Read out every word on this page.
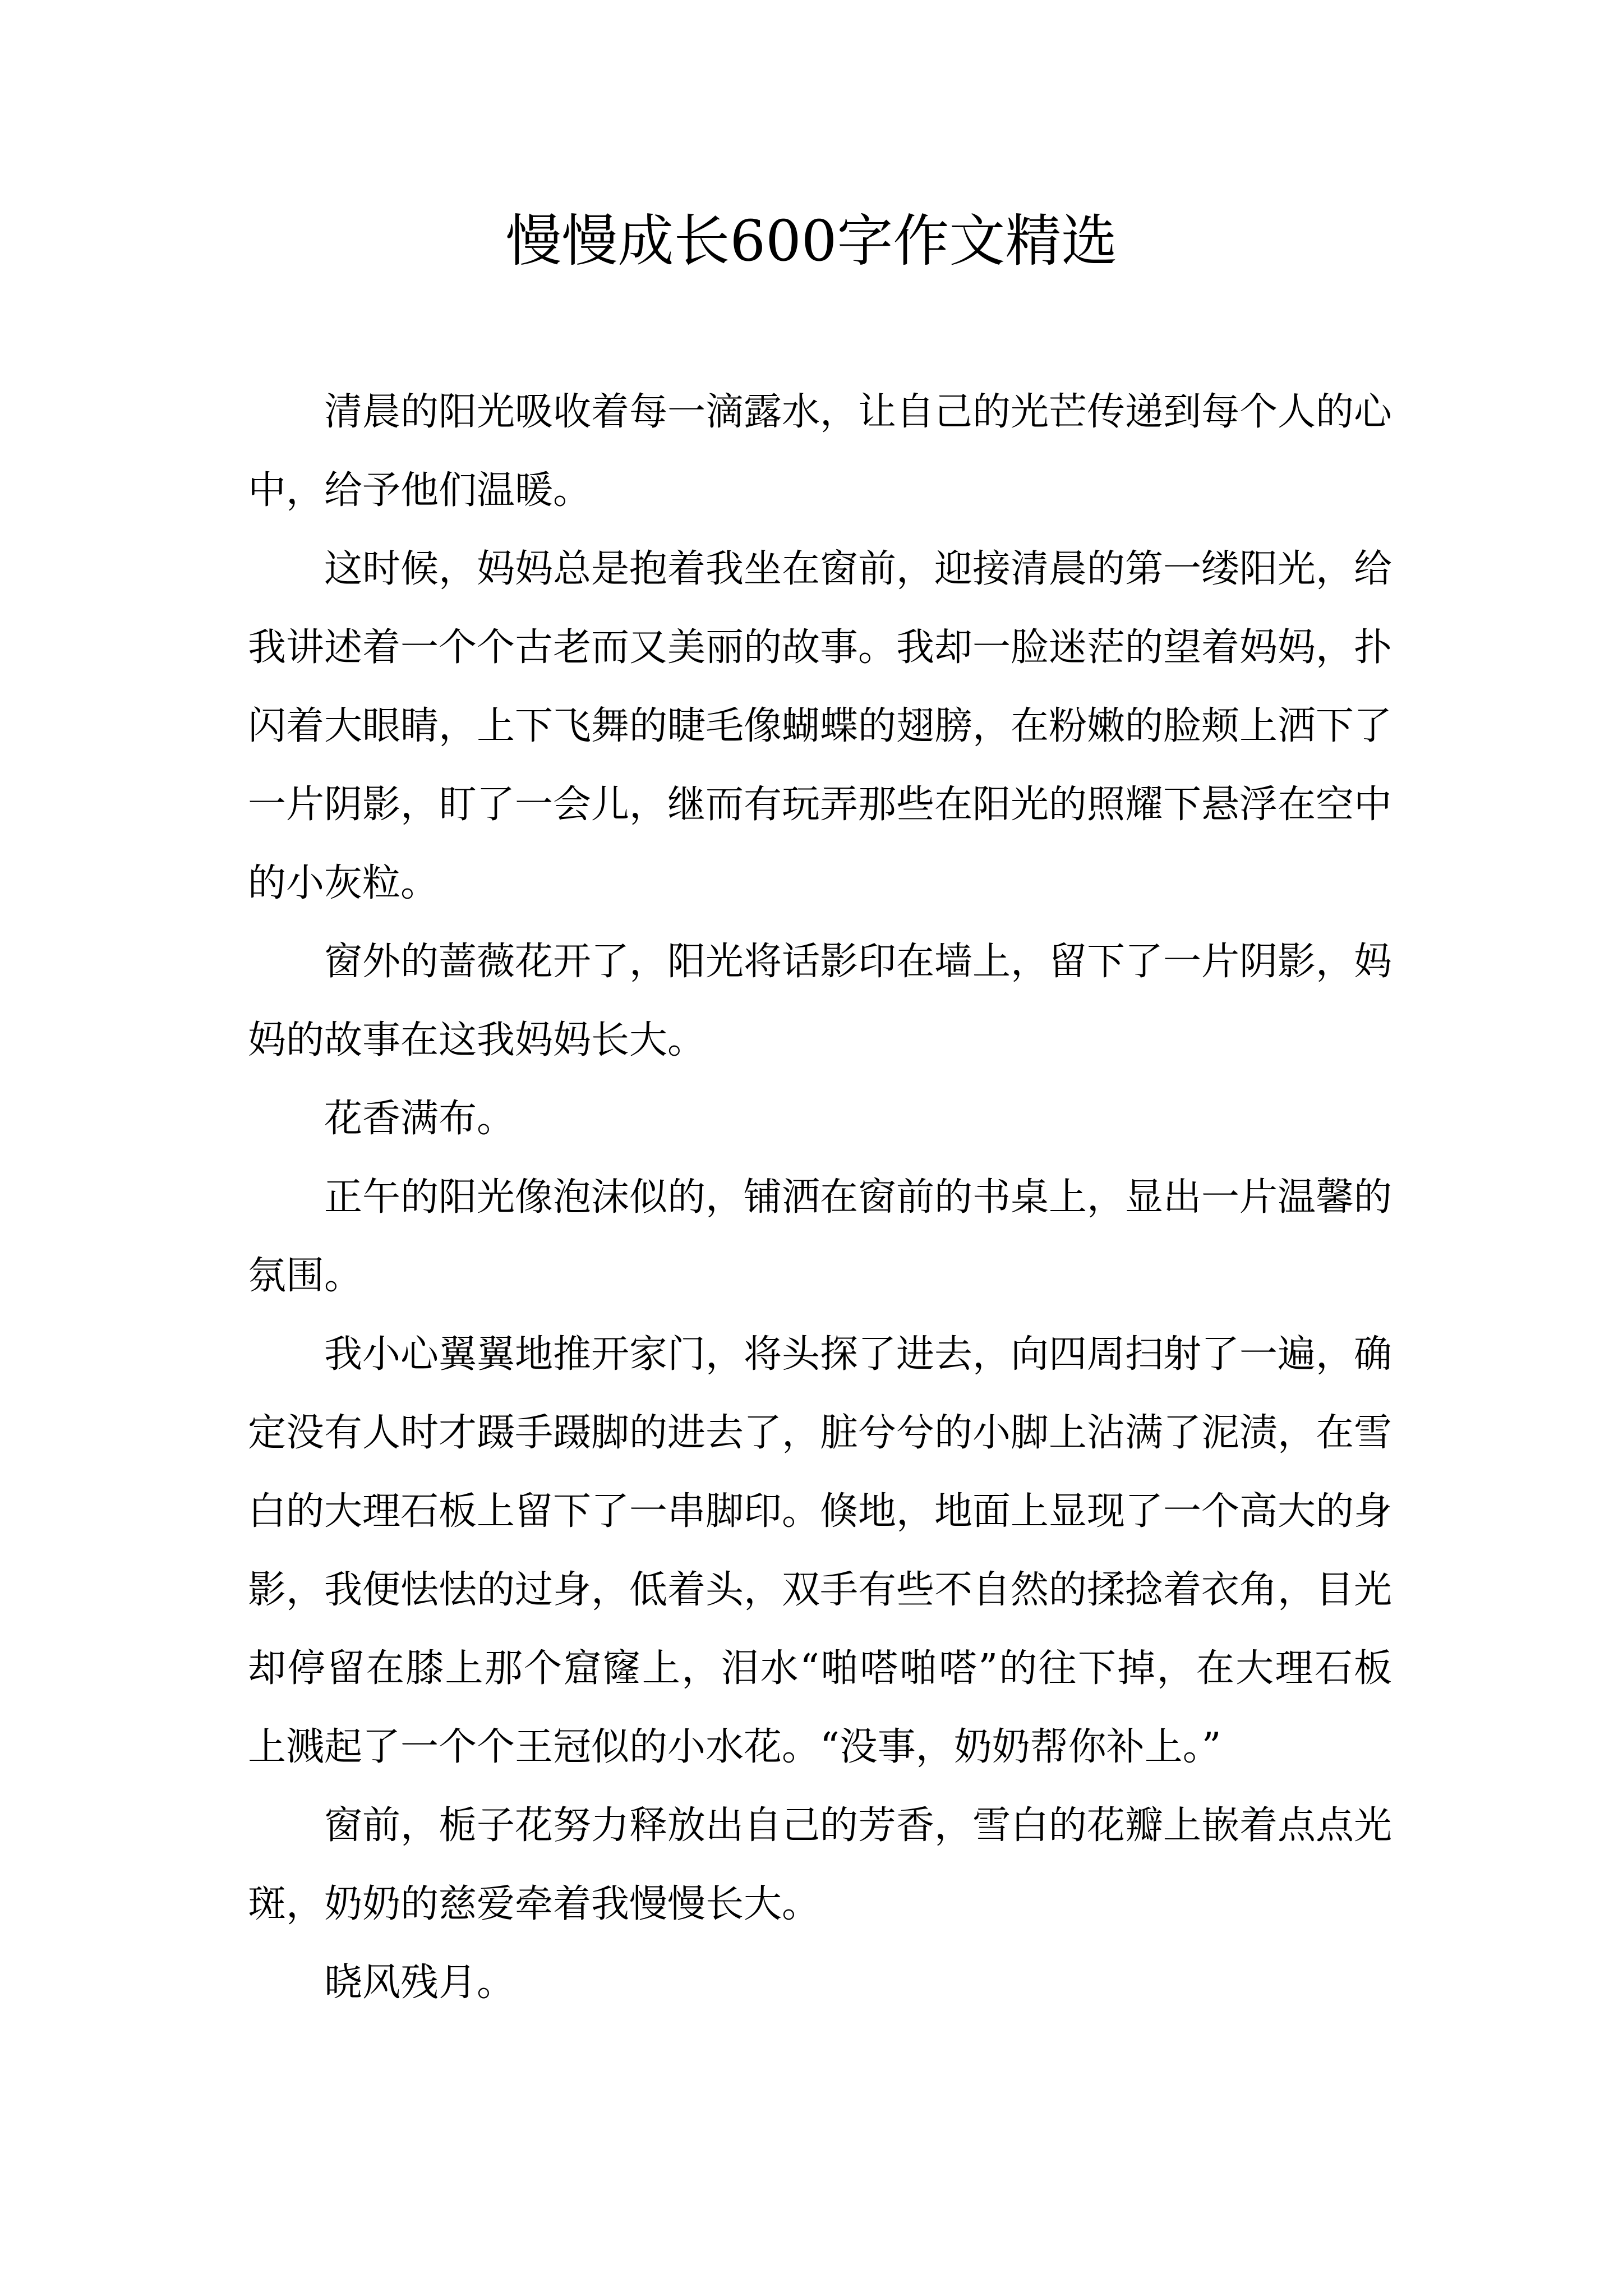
慢慢成长600字作文精选

清晨的阳光吸收着每一滴露水，让自己的光芒传递到每个人的心中，给予他们温暖。

这时候，妈妈总是抱着我坐在窗前，迎接清晨的第一缕阳光，给我讲述着一个个古老而又美丽的故事。我却一脸迷茫的望着妈妈，扑闪着大眼睛，上下飞舞的睫毛像蝴蝶的翅膀，在粉嫩的脸颊上洒下了一片阴影，盯了一会儿，继而有玩弄那些在阳光的照耀下悬浮在空中的小灰粒。

窗外的蔷薇花开了，阳光将话影印在墙上，留下了一片阴影，妈妈的故事在这我妈妈长大。

花香满布。

正午的阳光像泡沫似的，铺洒在窗前的书桌上，显出一片温馨的氛围。

我小心翼翼地推开家门，将头探了进去，向四周扫射了一遍，确定没有人时才蹑手蹑脚的进去了，脏兮兮的小脚上沾满了泥渍，在雪白的大理石板上留下了一串脚印。倏地，地面上显现了一个高大的身影，我便怯怯的过身，低着头，双手有些不自然的揉捻着衣角，目光却停留在膝上那个窟窿上，泪水“啪嗒啪嗒”的往下掉，在大理石板上溅起了一个个王冠似的小水花。“没事，奶奶帮你补上。”

窗前，栀子花努力释放出自己的芳香，雪白的花瓣上嵌着点点光斑，奶奶的慈爱牵着我慢慢长大。

晓风残月。
